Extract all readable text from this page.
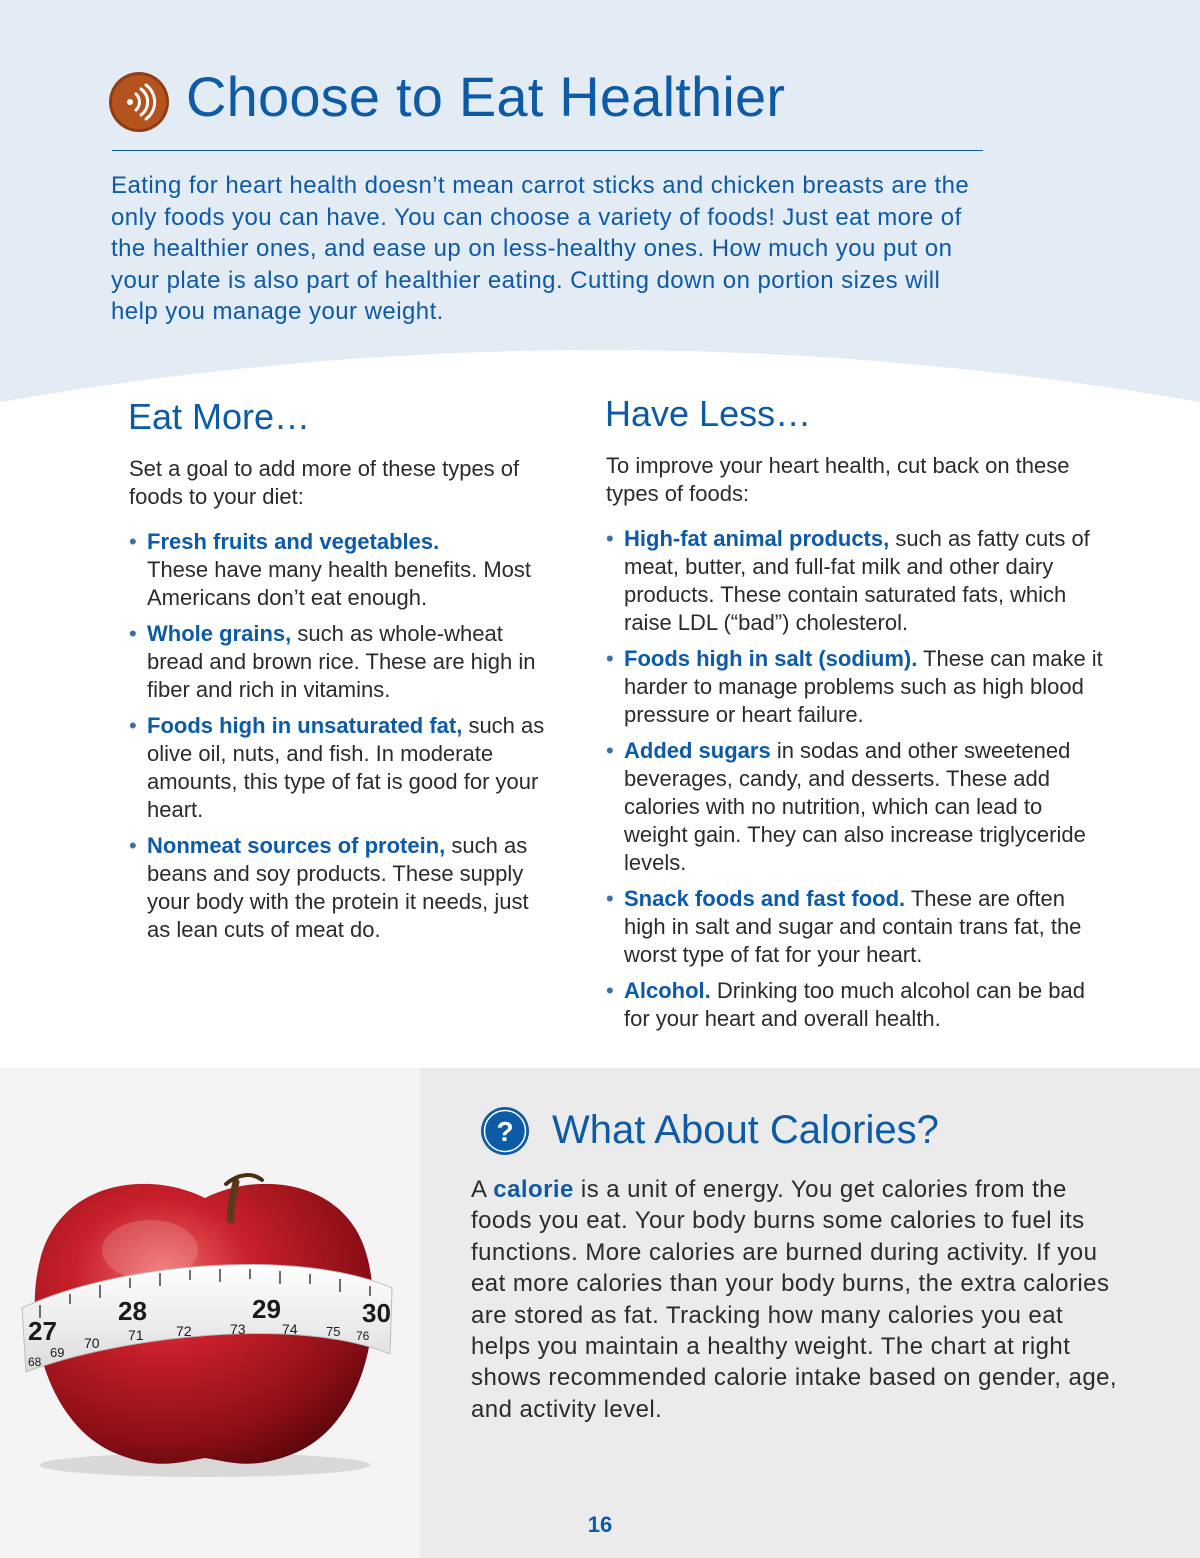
Choose to Eat Healthier

Eating for heart health doesn’t mean carrot sticks and chicken breasts are the only foods you can have. You can choose a variety of foods! Just eat more of the healthier ones, and ease up on less-healthy ones. How much you put on your plate is also part of healthier eating. Cutting down on portion sizes will help you manage your weight.

Eat More…

Set a goal to add more of these types of foods to your diet:

• Fresh fruits and vegetables.
These have many health benefits. Most Americans don’t eat enough.
• Whole grains, such as whole-wheat bread and brown rice. These are high in fiber and rich in vitamins.
• Foods high in unsaturated fat, such as olive oil, nuts, and fish. In moderate amounts, this type of fat is good for your heart.
• Nonmeat sources of protein, such as beans and soy products. These supply your body with the protein it needs, just as lean cuts of meat do.
Have Less…

To improve your heart health, cut back on these types of foods:

• High-fat animal products, such as fatty cuts of meat, butter, and full-fat milk and other dairy products. These contain saturated fats, which raise LDL (“bad”) cholesterol.
• Foods high in salt (sodium). These can make it harder to manage problems such as high blood pressure or heart failure.
• Added sugars in sodas and other sweetened beverages, candy, and desserts. These add calories with no nutrition, which can lead to weight gain. They can also increase triglyceride levels.
• Snack foods and fast food. These are often high in salt and sugar and contain trans fat, the worst type of fat for your heart.
• Alcohol. Drinking too much alcohol can be bad for your heart and overall health.
27
28	29	30
68
69
70 71 72	73	74 75 76
? What About Calories?

A calorie is a unit of energy. You get calories from the foods you eat. Your body burns some calories to fuel its functions. More calories are burned during activity. If you eat more calories than your body burns, the extra calories are stored as fat. Tracking how many calories you eat helps you maintain a healthy weight. The chart at right shows recommended calorie intake based on gender, age, and activity level.

16
